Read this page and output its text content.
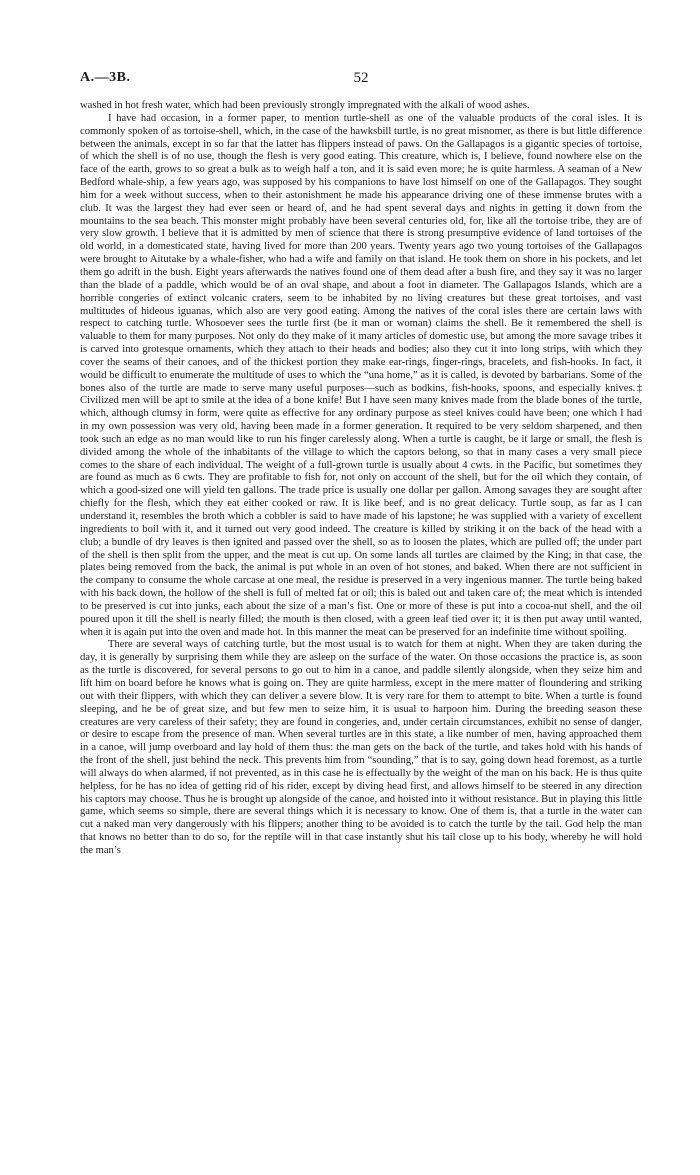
A.—3B.	52

washed in hot fresh water, which had been previously strongly impregnated with the alkali of wood ashes.

I have had occasion, in a former paper, to mention turtle-shell as one of the valuable products of the coral isles. It is commonly spoken of as tortoise-shell, which, in the case of the hawksbill turtle, is no great misnomer, as there is but little difference between the animals, except in so far that the latter has flippers instead of paws. On the Gallapagos is a gigantic species of tortoise, of which the shell is of no use, though the flesh is very good eating. This creature, which is, I believe, found nowhere else on the face of the earth, grows to so great a bulk as to weigh half a ton, and it is said even more; he is quite harmless. A seaman of a New Bedford whale-ship, a few years ago, was supposed by his companions to have lost himself on one of the Gallapagos. They sought him for a week without success, when to their astonishment he made his appearance driving one of these immense brutes with a club. It was the largest they had ever seen or heard of, and he had spent several days and nights in getting it down from the mountains to the sea beach. This monster might probably have been several centuries old, for, like all the tortoise tribe, they are of very slow growth. I believe that it is admitted by men of science that there is strong presumptive evidence of land tortoises of the old world, in a domesticated state, having lived for more than 200 years. Twenty years ago two young tortoises of the Gallapagos were brought to Aitutake by a whale-fisher, who had a wife and family on that island. He took them on shore in his pockets, and let them go adrift in the bush. Eight years afterwards the natives found one of them dead after a bush fire, and they say it was no larger than the blade of a paddle, which would be of an oval shape, and about a foot in diameter. The Gallapagos Islands, which are a horrible congeries of extinct volcanic craters, seem to be inhabited by no living creatures but these great tortoises, and vast multitudes of hideous iguanas, which also are very good eating. Among the natives of the coral isles there are certain laws with respect to catching turtle. Whosoever sees the turtle first (be it man or woman) claims the shell. Be it remembered the shell is valuable to them for many purposes. Not only do they make of it many articles of domestic use, but among the more savage tribes it is carved into grotesque ornaments, which they attach to their heads and bodies; also they cut it into long strips, with which they cover the seams of their canoes, and of the thickest portion they make ear-rings, finger-rings, bracelets, and fish-hooks. In fact, it would be difficult to enumerate the multitude of uses to which the “una home,” as it is called, is devoted by barbarians. Some of the bones also of the turtle are made to serve many useful purposes—such as bodkins, fish-hooks, spoons, and especially knives.‡ Civilized men will be apt to smile at the idea of a bone knife! But I have seen many knives made from the blade bones of the turtle, which, although clumsy in form, were quite as effective for any ordinary purpose as steel knives could have been; one which I had in my own possession was very old, having been made in a former generation. It required to be very seldom sharpened, and then took such an edge as no man would like to run his finger carelessly along. When a turtle is caught, be it large or small, the flesh is divided among the whole of the inhabitants of the village to which the captors belong, so that in many cases a very small piece comes to the share of each individual. The weight of a full-grown turtle is usually about 4 cwts. in the Pacific, but sometimes they are found as much as 6 cwts. They are profitable to fish for, not only on account of the shell, but for the oil which they contain, of which a good-sized one will yield ten gallons. The trade price is usually one dollar per gallon. Among savages they are sought after chiefly for the flesh, which they eat either cooked or raw. It is like beef, and is no great delicacy. Turtle soup, as far as I can understand it, resembles the broth which a cobbler is said to have made of his lapstone; he was supplied with a variety of excellent ingredients to boil with it, and it turned out very good indeed. The creature is killed by striking it on the back of the head with a club; a bundle of dry leaves is then ignited and passed over the shell, so as to loosen the plates, which are pulled off; the under part of the shell is then split from the upper, and the meat is cut up. On some lands all turtles are claimed by the King; in that case, the plates being removed from the back, the animal is put whole in an oven of hot stones, and baked. When there are not sufficient in the company to consume the whole carcase at one meal, the residue is preserved in a very ingenious manner. The turtle being baked with his back down, the hollow of the shell is full of melted fat or oil; this is baled out and taken care of; the meat which is intended to be preserved is cut into junks, each about the size of a man’s fist. One or more of these is put into a cocoa-nut shell, and the oil poured upon it till the shell is nearly filled; the mouth is then closed, with a green leaf tied over it; it is then put away until wanted, when it is again put into the oven and made hot. In this manner the meat can be preserved for an indefinite time without spoiling.

There are several ways of catching turtle, but the most usual is to watch for them at night. When they are taken during the day, it is generally by surprising them while they are asleep on the surface of the water. On those occasions the practice is, as soon as the turtle is discovered, for several persons to go out to him in a canoe, and paddle silently alongside, when they seize him and lift him on board before he knows what is going on. They are quite harmless, except in the mere matter of floundering and striking out with their flippers, with which they can deliver a severe blow. It is very rare for them to attempt to bite. When a turtle is found sleeping, and he be of great size, and but few men to seize him, it is usual to harpoon him. During the breeding season these creatures are very careless of their safety; they are found in congeries, and, under certain circumstances, exhibit no sense of danger, or desire to escape from the presence of man. When several turtles are in this state, a like number of men, having approached them in a canoe, will jump overboard and lay hold of them thus: the man gets on the back of the turtle, and takes hold with his hands of the front of the shell, just behind the neck. This prevents him from “sounding,” that is to say, going down head foremost, as a turtle will always do when alarmed, if not prevented, as in this case he is effectually by the weight of the man on his back. He is thus quite helpless, for he has no idea of getting rid of his rider, except by diving head first, and allows himself to be steered in any direction his captors may choose. Thus he is brought up alongside of the canoe, and hoisted into it without resistance. But in playing this little game, which seems so simple, there are several things which it is necessary to know. One of them is, that a turtle in the water can cut a naked man very dangerously with his flippers; another thing to be avoided is to catch the turtle by the tail. God help the man that knows no better than to do so, for the reptile will in that case instantly shut his tail close up to his body, whereby he will hold the man’s
